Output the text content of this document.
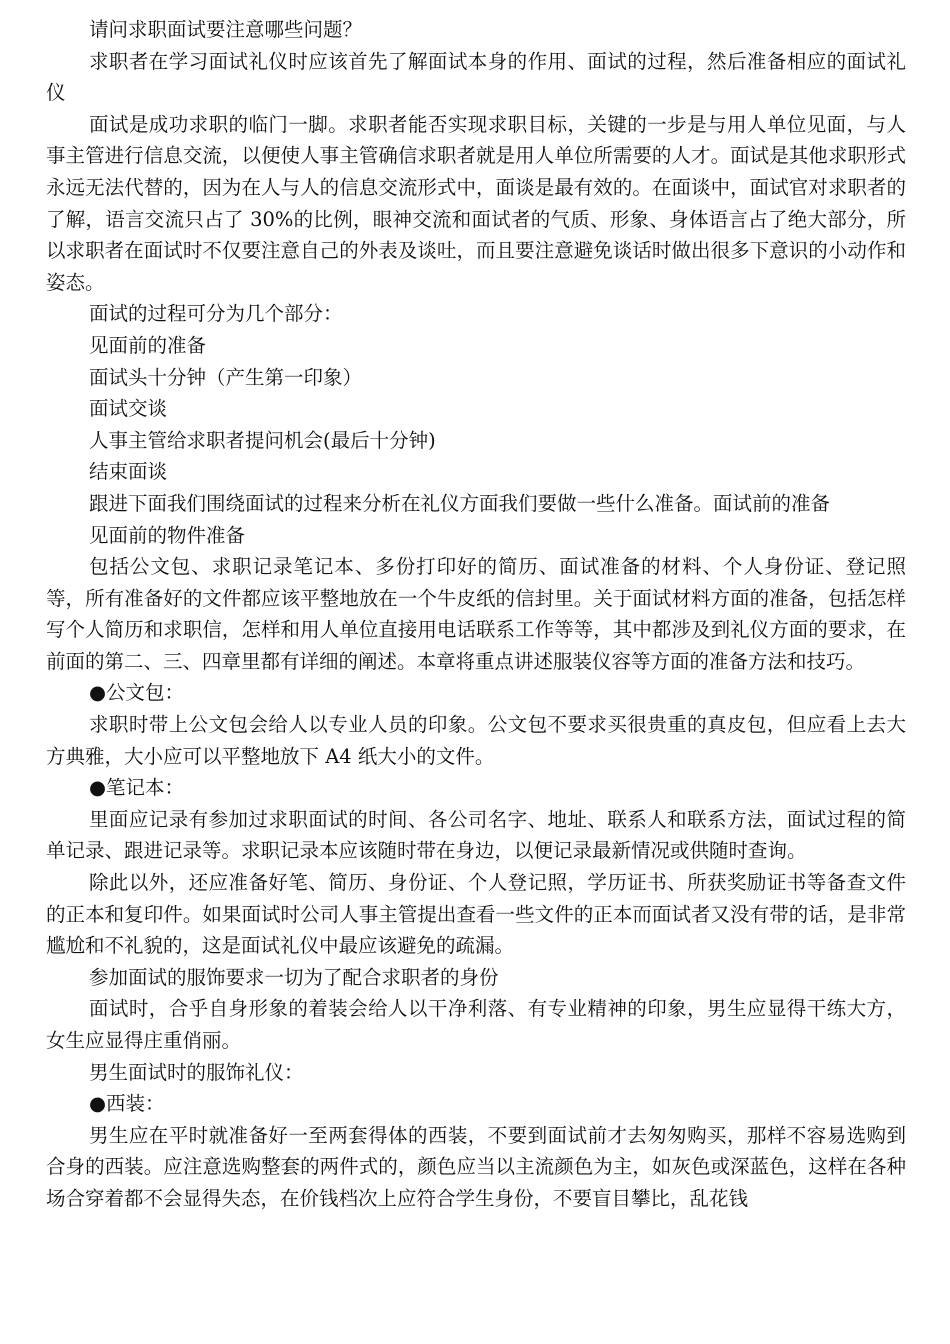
请问求职面试要注意哪些问题？

求职者在学习面试礼仪时应该首先了解面试本身的作用、面试的过程，然后准备相应的面试礼仪

面试是成功求职的临门一脚。求职者能否实现求职目标，关键的一步是与用人单位见面，与人事主管进行信息交流，以便使人事主管确信求职者就是用人单位所需要的人才。面试是其他求职形式永远无法代替的，因为在人与人的信息交流形式中，面谈是最有效的。在面谈中，面试官对求职者的了解，语言交流只占了 30%的比例，眼神交流和面试者的气质、形象、身体语言占了绝大部分，所以求职者在面试时不仅要注意自己的外表及谈吐，而且要注意避免谈话时做出很多下意识的小动作和姿态。

面试的过程可分为几个部分：

见面前的准备

面试头十分钟（产生第一印象）

面试交谈

人事主管给求职者提问机会(最后十分钟)

结束面谈

跟进下面我们围绕面试的过程来分析在礼仪方面我们要做一些什么准备。面试前的准备

见面前的物件准备

包括公文包、求职记录笔记本、多份打印好的简历、面试准备的材料、个人身份证、登记照等，所有准备好的文件都应该平整地放在一个牛皮纸的信封里。关于面试材料方面的准备，包括怎样写个人简历和求职信，怎样和用人单位直接用电话联系工作等等，其中都涉及到礼仪方面的要求，在前面的第二、三、四章里都有详细的阐述。本章将重点讲述服装仪容等方面的准备方法和技巧。

●公文包：

求职时带上公文包会给人以专业人员的印象。公文包不要求买很贵重的真皮包，但应看上去大方典雅，大小应可以平整地放下 A4 纸大小的文件。

●笔记本：

里面应记录有参加过求职面试的时间、各公司名字、地址、联系人和联系方法，面试过程的简单记录、跟进记录等。求职记录本应该随时带在身边，以便记录最新情况或供随时查询。

除此以外，还应准备好笔、简历、身份证、个人登记照，学历证书、所获奖励证书等备查文件的正本和复印件。如果面试时公司人事主管提出查看一些文件的正本而面试者又没有带的话，是非常尴尬和不礼貌的，这是面试礼仪中最应该避免的疏漏。

参加面试的服饰要求一切为了配合求职者的身份

面试时，合乎自身形象的着装会给人以干净利落、有专业精神的印象，男生应显得干练大方，女生应显得庄重俏丽。

男生面试时的服饰礼仪：

●西装：

男生应在平时就准备好一至两套得体的西装，不要到面试前才去匆匆购买，那样不容易选购到合身的西装。应注意选购整套的两件式的，颜色应当以主流颜色为主，如灰色或深蓝色，这样在各种场合穿着都不会显得失态，在价钱档次上应符合学生身份，不要盲目攀比，乱花钱
